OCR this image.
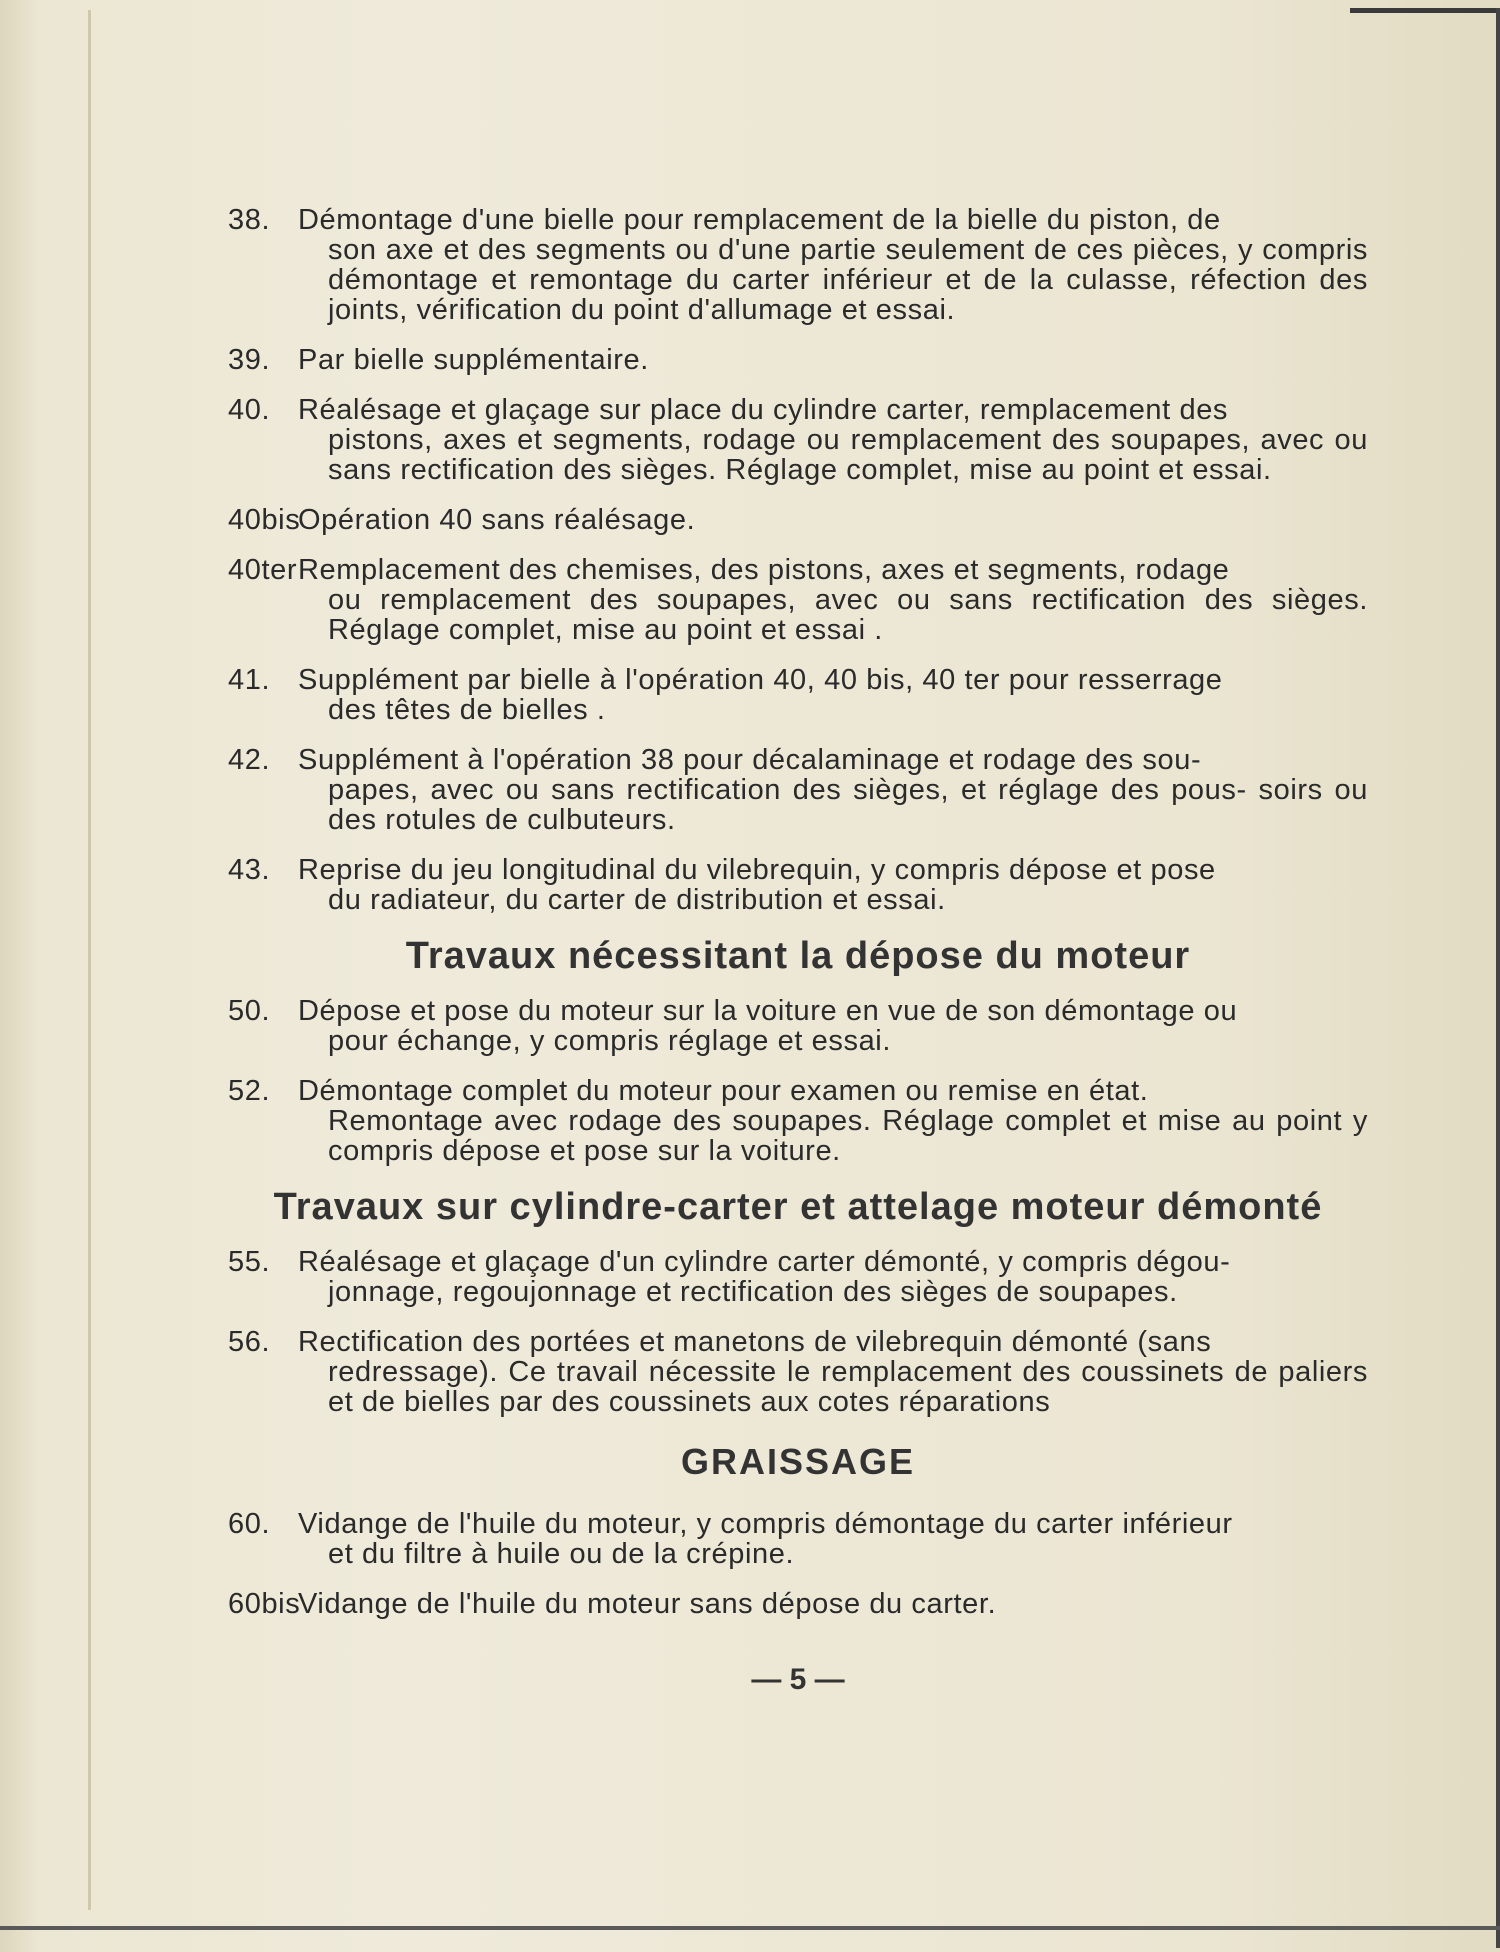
38. Démontage d'une bielle pour remplacement de la bielle du piston, de
son axe et des segments ou d'une partie seulement de ces pièces, y compris démontage et remontage du carter inférieur et de la culasse, réfection des joints, vérification du point d'allumage et essai.
39. Par bielle supplémentaire.
40. Réalésage et glaçage sur place du cylindre carter, remplacement des
pistons, axes et segments, rodage ou remplacement des soupapes, avec ou sans rectification des sièges. Réglage complet, mise au point et essai.
40bis
Opération 40 sans réalésage.
40ter Remplacement des chemises, des pistons, axes et segments, rodage
ou remplacement des soupapes, avec ou sans rectification des sièges. Réglage complet, mise au point et essai .
41. Supplément par bielle à l'opération 40, 40 bis, 40 ter pour resserrage
des têtes de bielles .
42. Supplément à l'opération 38 pour décalaminage et rodage des sou-
papes, avec ou sans rectification des sièges, et réglage des pous- soirs ou des rotules de culbuteurs.
43. Reprise du jeu longitudinal du vilebrequin, y compris dépose et pose
du radiateur, du carter de distribution et essai.
Travaux nécessitant la dépose du moteur
50. Dépose et pose du moteur sur la voiture en vue de son démontage ou
pour échange, y compris réglage et essai.
52. Démontage complet du moteur pour examen ou remise en état.
Remontage avec rodage des soupapes. Réglage complet et mise au point y compris dépose et pose sur la voiture.
Travaux sur cylindre-carter et attelage moteur démonté
55. Réalésage et glaçage d'un cylindre carter démonté, y compris dégou-
jonnage, regoujonnage et rectification des sièges de soupapes.
56. Rectification des portées et manetons de vilebrequin démonté (sans
redressage). Ce travail nécessite le remplacement des coussinets de paliers et de bielles par des coussinets aux cotes réparations
GRAISSAGE
60. Vidange de l'huile du moteur, y compris démontage du carter inférieur
et du filtre à huile ou de la crépine.
60bis
Vidange de l'huile du moteur sans dépose du carter.
— 5 —
